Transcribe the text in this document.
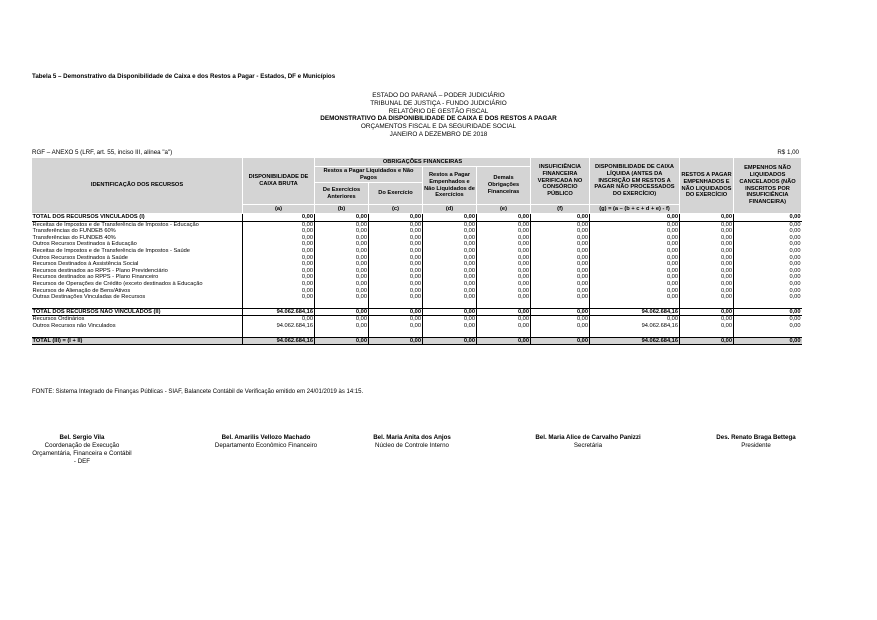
Tabela 5 – Demonstrativo da Disponibilidade de Caixa e dos Restos a Pagar - Estados, DF e Municípios
ESTADO DO PARANÁ – PODER JUDICIÁRIO
TRIBUNAL DE JUSTIÇA - FUNDO JUDICIÁRIO
RELATÓRIO DE GESTÃO FISCAL
DEMONSTRATIVO DA DISPONIBILIDADE DE CAIXA E DOS RESTOS A PAGAR
ORÇAMENTOS FISCAL E DA SEGURIDADE SOCIAL
JANEIRO A DEZEMBRO DE 2018
RGF – ANEXO 5 (LRF, art. 55, inciso III, alínea "a")	R$ 1,00
IDENTIFICAÇÃO DOS RECURSOS	DISPONIBILIDADE DE CAIXA BRUTA	OBRIGAÇÕES FINANCEIRAS				INSUFICIÊNCIA FINANCEIRA VERIFICADA NO CONSÓRCIO PÚBLICO	DISPONIBILIDADE DE CAIXA LÍQUIDA (ANTES DA INSCRIÇÃO EM RESTOS A PAGAR NÃO PROCESSADOS DO EXERCÍCIO)	RESTOS A PAGAR EMPENHADOS E NÃO LIQUIDADOS DO EXERCÍCIO	EMPENHOS NÃO LIQUIDADOS CANCELADOS (NÃO INSCRITOS POR INSUFICIÊNCIA FINANCEIRA)
		Restos a Pagar Liquidados e Não Pagos		Restos a Pagar Empenhados e Não Liquidados de Exercícios	Demais Obrigações Financeiras				
		De Exercícios Anteriores	Do Exercício						
	(a)	(b)	(c)	(d)	(e)	(f)	(g) = (a – (b + c + d + e) - f)		
TOTAL DOS RECURSOS VINCULADOS (I)	0,00	0,00	0,00	0,00	0,00	0,00	0,00	0,00	0,00
Receitas de Impostos e de Transferência de Impostos - Educação	0,00	0,00	0,00	0,00	0,00	0,00	0,00	0,00	0,00
Transferências do FUNDEB 60%	0,00	0,00	0,00	0,00	0,00	0,00	0,00	0,00	0,00
Transferências do FUNDEB 40%	0,00	0,00	0,00	0,00	0,00	0,00	0,00	0,00	0,00
Outros Recursos Destinados à Educação	0,00	0,00	0,00	0,00	0,00	0,00	0,00	0,00	0,00
Receitas de Impostos e de Transferência de Impostos - Saúde	0,00	0,00	0,00	0,00	0,00	0,00	0,00	0,00	0,00
Outros Recursos Destinados à Saúde	0,00	0,00	0,00	0,00	0,00	0,00	0,00	0,00	0,00
Recursos Destinados à Assistência Social	0,00	0,00	0,00	0,00	0,00	0,00	0,00	0,00	0,00
Recursos destinados ao RPPS - Plano Previdenciário	0,00	0,00	0,00	0,00	0,00	0,00	0,00	0,00	0,00
Recursos destinados ao RPPS - Plano Financeiro	0,00	0,00	0,00	0,00	0,00	0,00	0,00	0,00	0,00
Recursos de Operações de Crédito (exceto destinados à Educação	0,00	0,00	0,00	0,00	0,00	0,00	0,00	0,00	0,00
Recursos de Alienação de Bens/Ativos	0,00	0,00	0,00	0,00	0,00	0,00	0,00	0,00	0,00
Outras Destinações Vinculadas de Recursos	0,00	0,00	0,00	0,00	0,00	0,00	0,00	0,00	0,00

TOTAL DOS RECURSOS NÃO VINCULADOS (II)	94.062.684,16	0,00	0,00	0,00	0,00	0,00	94.062.684,16	0,00	0,00
Recursos Ordinários	0,00	0,00	0,00	0,00	0,00	0,00	0,00	0,00	0,00
Outros Recursos não Vinculados	94.062.684,16	0,00	0,00	0,00	0,00	0,00	94.062.684,16	0,00	0,00

TOTAL (III) = (I + II)	94.062.684,16	0,00	0,00	0,00	0,00	0,00	94.062.684,16	0,00	0,00
FONTE: Sistema Integrado de Finanças Públicas - SIAF, Balancete Contábil de Verificação emitido em 24/01/2019 às 14:15.
Bel. Sergio Vila
Coordenação de Execução Orçamentária, Financeira e Contábil - DEF
Bel. Amarilis Vellozo Machado
Departamento Econômico Financeiro
Bel. Maria Anita dos Anjos
Núcleo de Controle Interno
Bel. Maria Alice de Carvalho Panizzi
Secretária
Des. Renato Braga Bettega
Presidente
